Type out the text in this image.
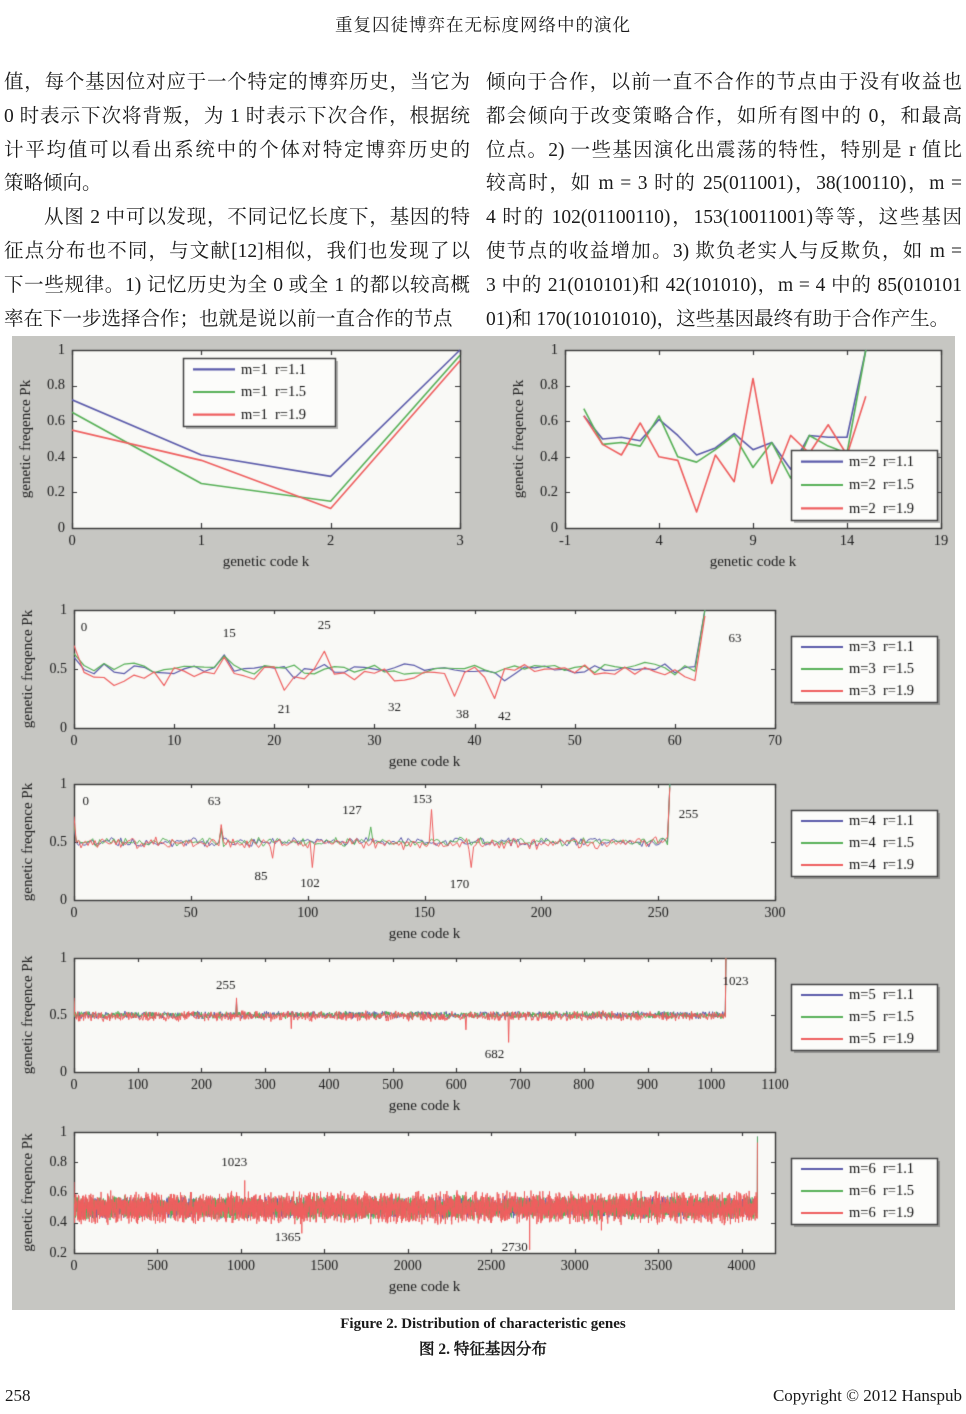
重复囚徒博弈在无标度网络中的演化
值，每个基因位对应于一个特定的博弈历史，当它为
0 时表示下次将背叛，为 1 时表示下次合作，根据统
计平均值可以看出系统中的个体对特定博弈历史的
策略倾向。
从图 2 中可以发现，不同记忆长度下，基因的特
征点分布也不同，与文献[12]相似，我们也发现了以
下一些规律。1) 记忆历史为全 0 或全 1 的都以较高概
率在下一步选择合作；也就是说以前一直合作的节点
倾向于合作，以前一直不合作的节点由于没有收益也
都会倾向于改变策略合作，如所有图中的 0，和最高
位点。2) 一些基因演化出震荡的特性，特别是 r 值比
较高时，如 m = 3 时的 25(011001)，38(100110)，m =
4 时的 102(01100110)，153(10011001)等等，这些基因
使节点的收益增加。3) 欺负老实人与反欺负，如 m =
3 中的 21(010101)和 42(101010)，m = 4 中的 85(010101
01)和 170(10101010)，这些基因最终有助于合作产生。
Figure 2. Distribution of characteristic genes
图 2. 特征基因分布
258	Copyright © 2012 Hanspub
